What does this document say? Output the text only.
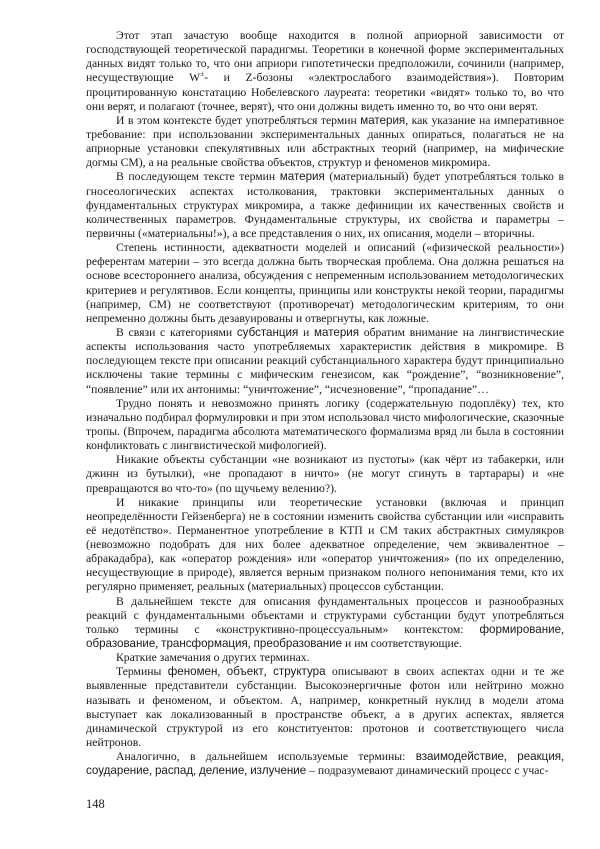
Этот этап зачастую вообще находится в полной априорной зависимости от господствующей теоретической парадигмы. Теоретики в конечной форме экспериментальных данных видят только то, что они априори гипотетически предположили, сочинили (например, несуществующие W±- и Z-бозоны «электрослабого взаимодействия»). Повторим процитированную констатацию Нобелевского лауреата: теоретики «видят» только то, во что они верят, и полагают (точнее, верят), что они должны видеть именно то, во что они верят.

И в этом контексте будет употребляться термин материя, как указание на императивное требование: при использовании экспериментальных данных опираться, полагаться не на априорные установки спекулятивных или абстрактных теорий (например, на мифические догмы СМ), а на реальные свойства объектов, структур и феноменов микромира.

В последующем тексте термин материя (материальный) будет употребляться только в гносеологических аспектах истолкования, трактовки экспериментальных данных о фундаментальных структурах микромира, а также дефиниции их качественных свойств и количественных параметров. Фундаментальные структуры, их свойства и параметры – первичны («материальны!»), а все представления о них, их описания, модели – вторичны.

Степень истинности, адекватности моделей и описаний («физической реальности») референтам материи – это всегда должна быть творческая проблема. Она должна решаться на основе всестороннего анализа, обсуждения с непременным использованием методологических критериев и регулятивов. Если концепты, принципы или конструкты некой теории, парадигмы (например, СМ) не соответствуют (противоречат) методологическим критериям, то они непременно должны быть дезавуированы и отвергнуты, как ложные.

В связи с категориями субстанция и материя обратим внимание на лингвистические аспекты использования часто употребляемых характеристик действия в микромире. В последующем тексте при описании реакций субстанциального характера будут принципиально исключены такие термины с мифическим генезисом, как “рождение”, “возникновение”, “появление” или их антонимы: “уничтожение”, “исчезновение”, “пропадание”…

Трудно понять и невозможно принять логику (содержательную подоплёку) тех, кто изначально подбирал формулировки и при этом использовал чисто мифологические, сказочные тропы. (Впрочем, парадигма абсолюта математического формализма вряд ли была в состоянии конфликтовать с лингвистической мифологией).

Никакие объекты субстанции «не возникают из пустоты» (как чёрт из табакерки, или джинн из бутылки), «не пропадают в ничто» (не могут сгинуть в тартарары) и «не превращаются во что-то» (по щучьему велению?).

И никакие принципы или теоретические установки (включая и принцип неопределённости Гейзенберга) не в состоянии изменить свойства субстанции или «исправить её недотёпство». Перманентное употребление в КТП и СМ таких абстрактных симулякров (невозможно подобрать для них более адекватное определение, чем эквивалентное – абракадабра), как «оператор рождения» или «оператор уничтожения» (по их определению, несуществующие в природе), является верным признаком полного непонимания теми, кто их регулярно применяет, реальных (материальных) процессов субстанции.

В дальнейшем тексте для описания фундаментальных процессов и разнообразных реакций с фундаментальными объектами и структурами субстанции будут употребляться только термины с «конструктивно-процессуальным» контекстом: формирование, образование, трансформация, преобразование и им соответствующие.

Краткие замечания о других терминах.

Термины феномен, объект, структура описывают в своих аспектах одни и те же выявленные представители субстанции. Высокоэнергичные фотон или нейтрино можно называть и феноменом, и объектом. А, например, конкретный нуклид в модели атома выступает как локализованный в пространстве объект, а в других аспектах, является динамической структурой из его конституентов: протонов и соответствующего числа нейтронов.

Аналогично, в дальнейшем используемые термины: взаимодействие, реакция, соударение, распад, деление, излучение – подразумевают динамический процесс с учас-

148
